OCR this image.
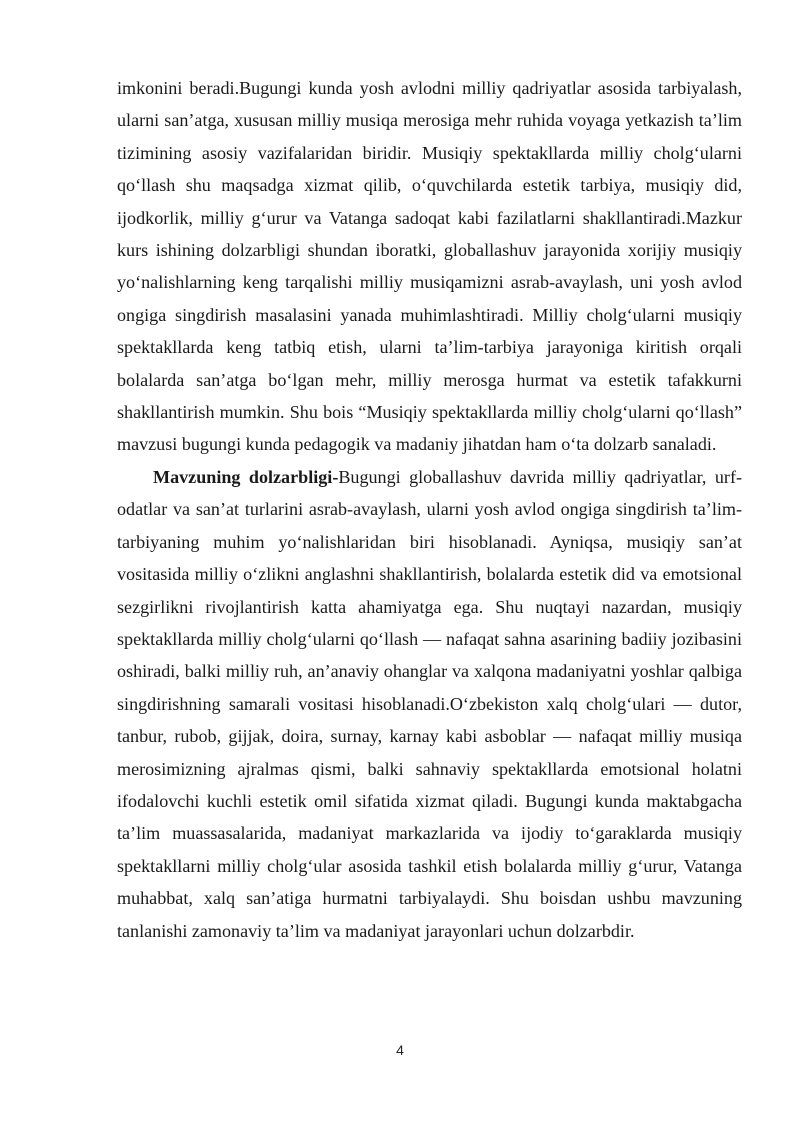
imkonini beradi.Bugungi kunda yosh avlodni milliy qadriyatlar asosida tarbiyalash, ularni san’atga, xususan milliy musiqa merosiga mehr ruhida voyaga yetkazish ta’lim tizimining asosiy vazifalaridan biridir. Musiqiy spektakllarda milliy cholg‘ularni qo‘llash shu maqsadga xizmat qilib, o‘quvchilarda estetik tarbiya, musiqiy did, ijodkorlik, milliy g‘urur va Vatanga sadoqat kabi fazilatlarni shakllantiradi.Mazkur kurs ishining dolzarbligi shundan iboratki, globallashuv jarayonida xorijiy musiqiy yo‘nalishlarning keng tarqalishi milliy musiqamizni asrab-avaylash, uni yosh avlod ongiga singdirish masalasini yanada muhimlashtiradi. Milliy cholg‘ularni musiqiy spektakllarda keng tatbiq etish, ularni ta’lim-tarbiya jarayoniga kiritish orqali bolalarda san’atga bo‘lgan mehr, milliy merosga hurmat va estetik tafakkurni shakllantirish mumkin. Shu bois “Musiqiy spektakllarda milliy cholg‘ularni qo‘llash” mavzusi bugungi kunda pedagogik va madaniy jihatdan ham o‘ta dolzarb sanaladi.

Mavzuning dolzarbligi-Bugungi globallashuv davrida milliy qadriyatlar, urf-odatlar va san’at turlarini asrab-avaylash, ularni yosh avlod ongiga singdirish ta’lim-tarbiyaning muhim yo‘nalishlaridan biri hisoblanadi. Ayniqsa, musiqiy san’at vositasida milliy o‘zlikni anglashni shakllantirish, bolalarda estetik did va emotsional sezgirlikni rivojlantirish katta ahamiyatga ega. Shu nuqtayi nazardan, musiqiy spektakllarda milliy cholg‘ularni qo‘llash — nafaqat sahna asarining badiiy jozibasini oshiradi, balki milliy ruh, an’anaviy ohanglar va xalqona madaniyatni yoshlar qalbiga singdirishning samarali vositasi hisoblanadi.O‘zbekiston xalq cholg‘ulari — dutor, tanbur, rubob, gijjak, doira, surnay, karnay kabi asboblar — nafaqat milliy musiqa merosimizning ajralmas qismi, balki sahnaviy spektakllarda emotsional holatni ifodalovchi kuchli estetik omil sifatida xizmat qiladi. Bugungi kunda maktabgacha ta’lim muassasalarida, madaniyat markazlarida va ijodiy to‘garaklarda musiqiy spektakllarni milliy cholg‘ular asosida tashkil etish bolalarda milliy g‘urur, Vatanga muhabbat, xalq san’atiga hurmatni tarbiyalaydi. Shu boisdan ushbu mavzuning tanlanishi zamonaviy ta’lim va madaniyat jarayonlari uchun dolzarbdir.

4
